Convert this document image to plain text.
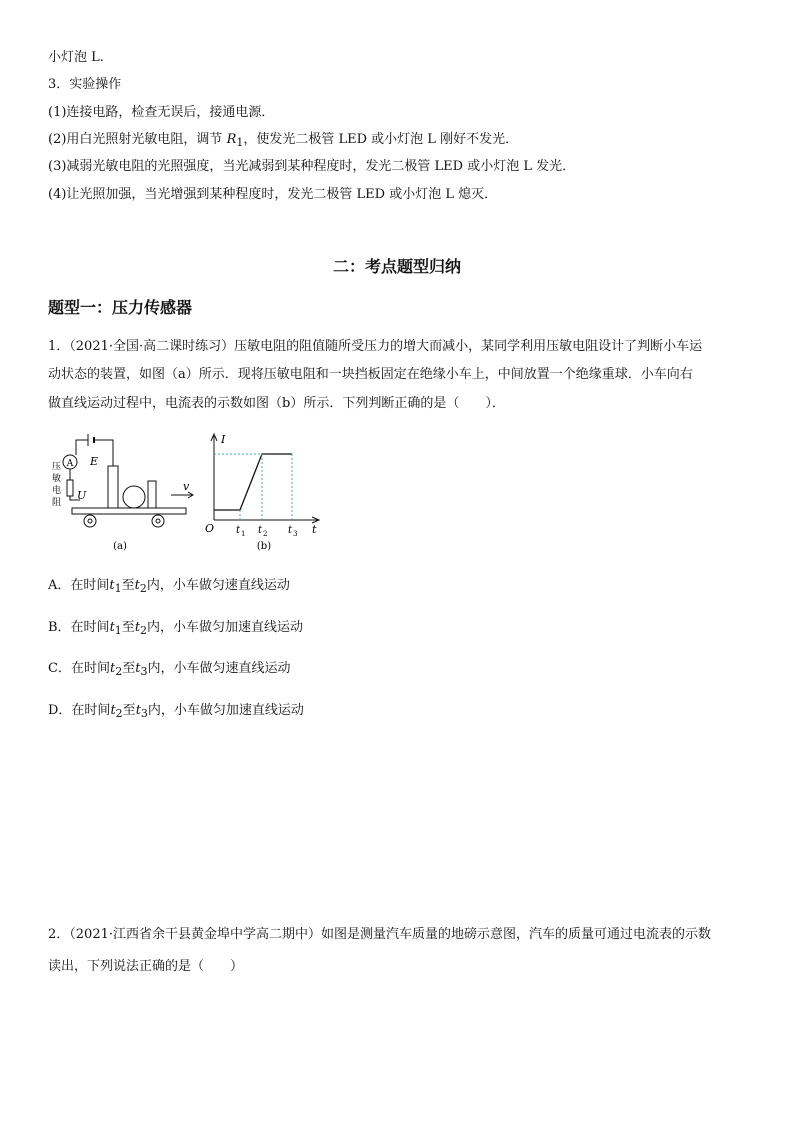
小灯泡 L.
3．实验操作
(1)连接电路，检查无误后，接通电源．
(2)用白光照射光敏电阻，调节 $R_1$，使发光二极管 LED 或小灯泡 L 刚好不发光．
(3)减弱光敏电阻的光照强度，当光减弱到某种程度时，发光二极管 LED 或小灯泡 L 发光．
(4)让光照加强，当光增强到某种程度时，发光二极管 LED 或小灯泡 L 熄灭．
二：考点题型归纳
题型一：压力传感器
1．（2021·全国·高二课时练习）压敏电阻的阻值随所受压力的增大而减小，某同学利用压敏电阻设计了判断小车运
动状态的装置，如图（a）所示．现将压敏电阻和一块挡板固定在绝缘小车上，中间放置一个绝缘重球．小车向右
做直线运动过程中，电流表的示数如图（b）所示．下列判断正确的是（　　）．
A E
U
压
敏
电
阻
v
(a)
I
O t 1 t 2 t 3 t
(b)
A．在时间$t_1$至$t_2$内，小车做匀速直线运动
B．在时间$t_1$至$t_2$内，小车做匀加速直线运动
C．在时间$t_2$至$t_3$内，小车做匀速直线运动
D．在时间$t_2$至$t_3$内，小车做匀加速直线运动
2．（2021·江西省余干县黄金埠中学高二期中）如图是测量汽车质量的地磅示意图，汽车的质量可通过电流表的示数
读出，下列说法正确的是（　　）
